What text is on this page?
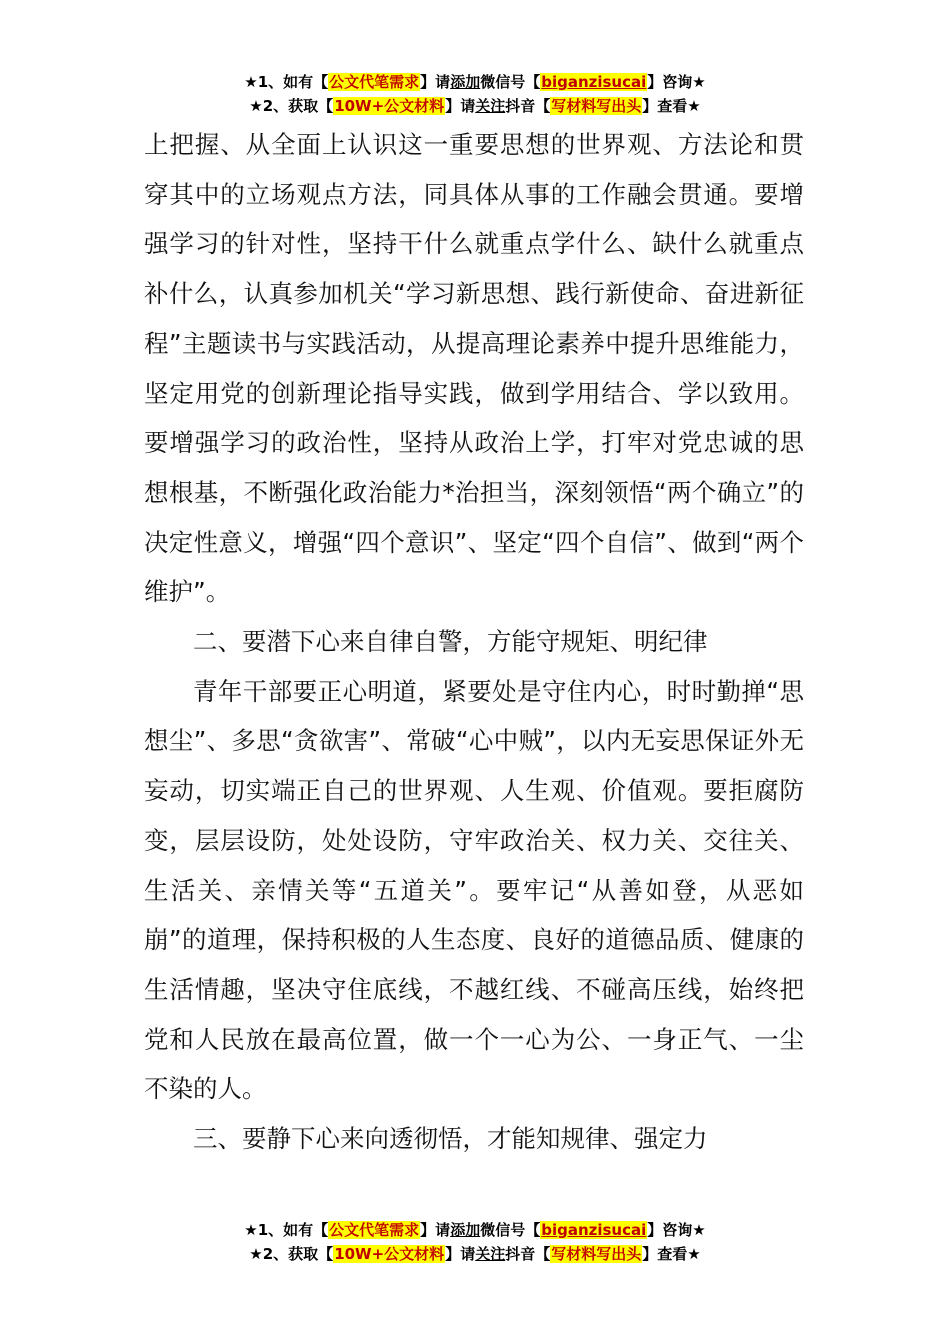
★1、如有【公文代笔需求】请添加微信号【biganzisucai】咨询★
★2、获取【10W+公文材料】请关注抖音【写材料写出头】查看★

上把握、从全面上认识这一重要思想的世界观、方法论和贯穿其中的立场观点方法，同具体从事的工作融会贯通。要增强学习的针对性，坚持干什么就重点学什么、缺什么就重点补什么，认真参加机关“学习新思想、践行新使命、奋进新征程”主题读书与实践活动，从提高理论素养中提升思维能力，坚定用党的创新理论指导实践，做到学用结合、学以致用。要增强学习的政治性，坚持从政治上学，打牢对党忠诚的思想根基，不断强化政治能力*治担当，深刻领悟“两个确立”的决定性意义，增强“四个意识”、坚定“四个自信”、做到“两个维护”。

二、要潜下心来自律自警，方能守规矩、明纪律

青年干部要正心明道，紧要处是守住内心，时时勤掸“思想尘”、多思“贪欲害”、常破“心中贼”，以内无妄思保证外无妄动，切实端正自己的世界观、人生观、价值观。要拒腐防变，层层设防，处处设防，守牢政治关、权力关、交往关、生活关、亲情关等“五道关”。要牢记“从善如登，从恶如崩”的道理，保持积极的人生态度、良好的道德品质、健康的生活情趣，坚决守住底线，不越红线、不碰高压线，始终把党和人民放在最高位置，做一个一心为公、一身正气、一尘不染的人。

三、要静下心来向透彻悟，才能知规律、强定力

★1、如有【公文代笔需求】请添加微信号【biganzisucai】咨询★
★2、获取【10W+公文材料】请关注抖音【写材料写出头】查看★
